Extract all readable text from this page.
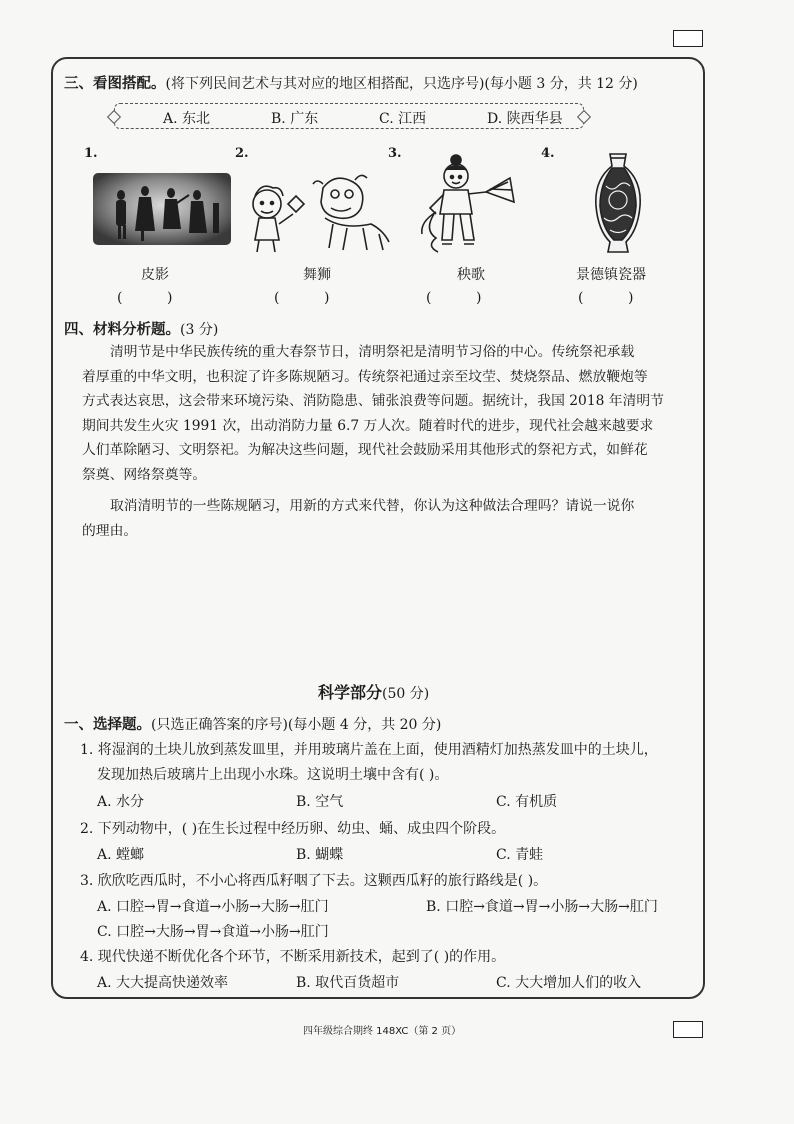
三、看图搭配。(将下列民间艺术与其对应的地区相搭配，只选序号)(每小题 3 分，共 12 分)
A. 东北	B. 广东	C. 江西	D. 陕西华县
1.	2.	3.	4.
皮影	舞狮	秧歌	景德镇瓷器
(          )	(          )	(          )	(          )
四、材料分析题。(3 分)
清明节是中华民族传统的重大春祭节日，清明祭祀是清明节习俗的中心。传统祭祀承载
着厚重的中华文明，也积淀了许多陈规陋习。传统祭祀通过亲至坟茔、焚烧祭品、燃放鞭炮等
方式表达哀思，这会带来环境污染、消防隐患、铺张浪费等问题。据统计，我国 2018 年清明节
期间共发生火灾 1991 次，出动消防力量 6.7 万人次。随着时代的进步，现代社会越来越要求
人们革除陋习、文明祭祀。为解决这些问题，现代社会鼓励采用其他形式的祭祀方式，如鲜花
祭奠、网络祭奠等。
取消清明节的一些陈规陋习，用新的方式来代替，你认为这种做法合理吗？请说一说你
的理由。
科学部分(50 分)
一、选择题。(只选正确答案的序号)(每小题 4 分，共 20 分)
1. 将湿润的土块儿放到蒸发皿里，并用玻璃片盖在上面，使用酒精灯加热蒸发皿中的土块儿，
发现加热后玻璃片上出现小水珠。这说明土壤中含有( )。
A. 水分	B. 空气	C. 有机质
2. 下列动物中，( )在生长过程中经历卵、幼虫、蛹、成虫四个阶段。
A. 螳螂	B. 蝴蝶	C. 青蛙
3. 欣欣吃西瓜时，不小心将西瓜籽咽了下去。这颗西瓜籽的旅行路线是( )。
A. 口腔→胃→食道→小肠→大肠→肛门	B. 口腔→食道→胃→小肠→大肠→肛门
C. 口腔→大肠→胃→食道→小肠→肛门
4. 现代快递不断优化各个环节，不断采用新技术，起到了( )的作用。
A. 大大提高快递效率	B. 取代百货超市	C. 大大增加人们的收入
四年级综合期终 148XC（第 2 页）
